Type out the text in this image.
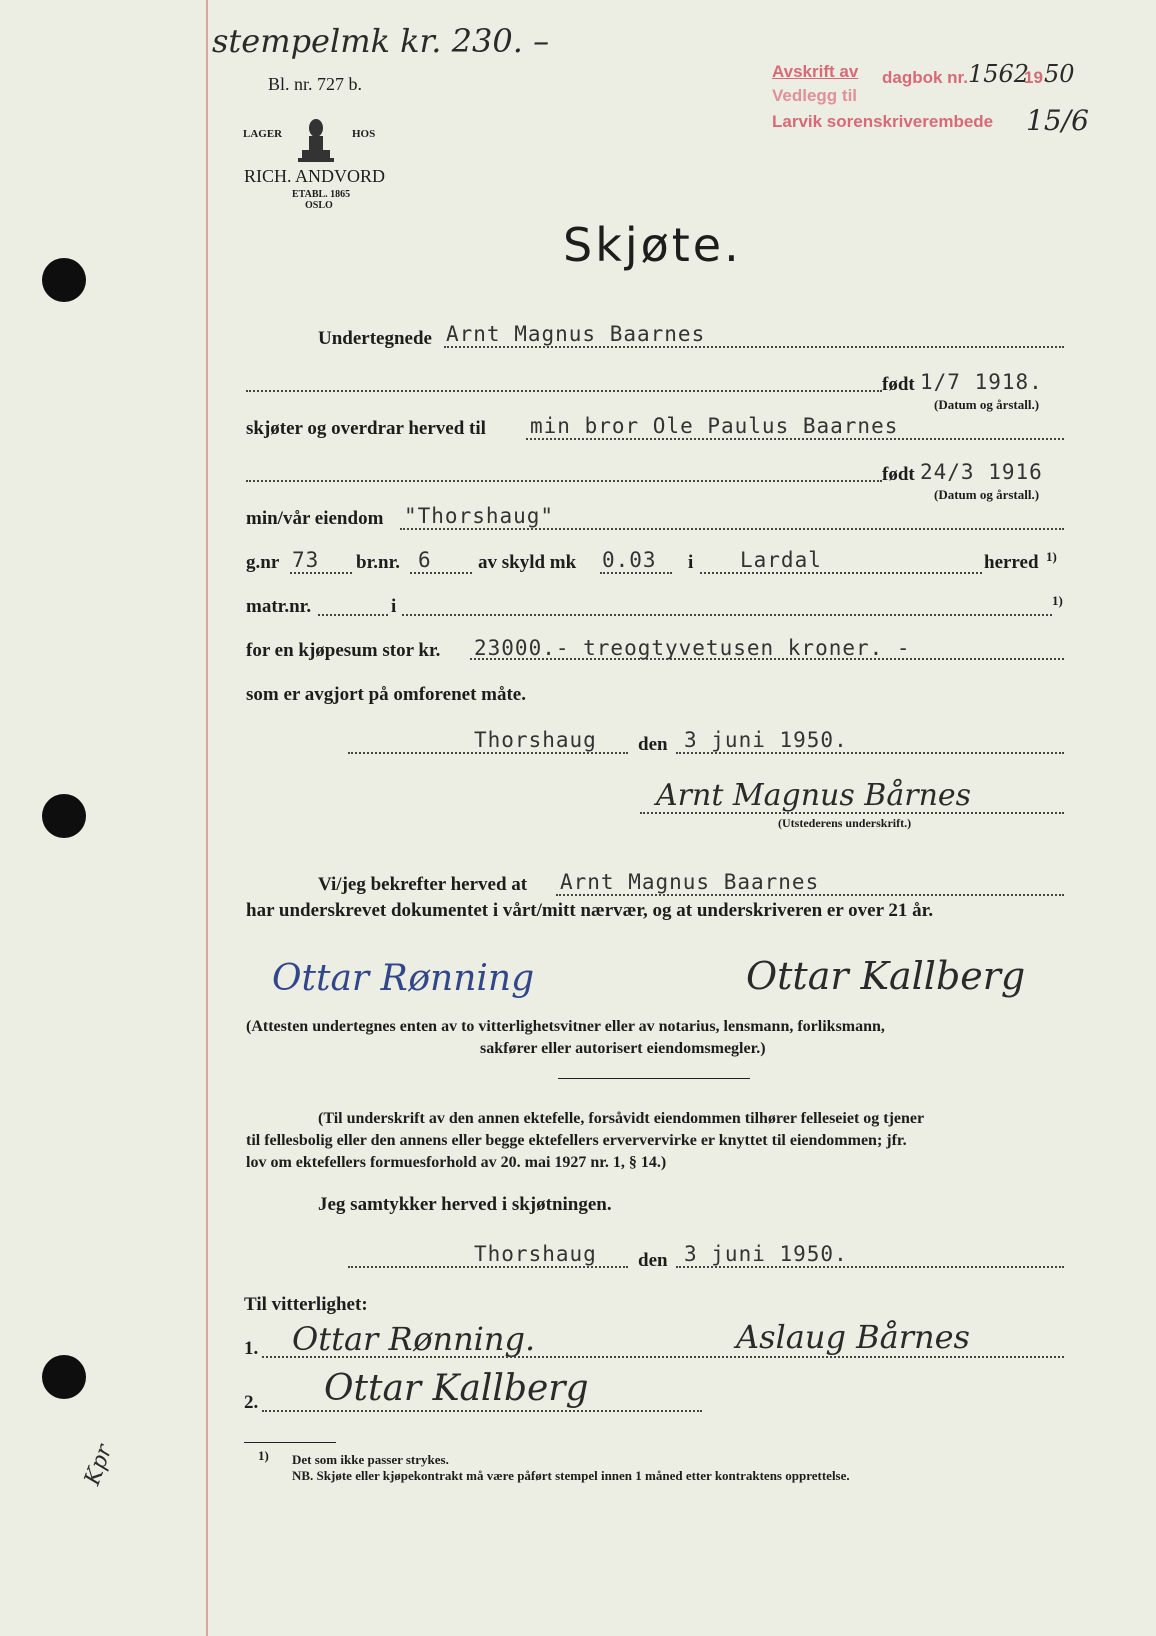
stempelmk kr. 230. –
Bl. nr. 727 b.
LAGER	HOS
RICH. ANDVORD
ETABL. 1865
OSLO
Avskrift av dagbok nr. 1562
19 50
Vedlegg til
Larvik sorenskriverembede 15/6
Skjøte.
Undertegnede Arnt Magnus Baarnes
født 1/7 1918.
(Datum og årstall.)
skjøter og overdrar herved til min bror Ole Paulus Baarnes
født 24/3 1916
(Datum og årstall.)
min/vår eiendom "Thorshaug"
g.nr 73 br.nr. 6 av skyld mk 0.03 i Lardal	herred 1)
matr.nr.	i	1)
for en kjøpesum stor kr. 23000.- treogtyvetusen kroner. -
som er avgjort på omforenet måte.
Thorshaug den 3 juni 1950.
Arnt Magnus Bårnes
(Utstederens underskrift.)
Vi/jeg bekrefter herved at Arnt Magnus Baarnes
har underskrevet dokumentet i vårt/mitt nærvær, og at underskriveren er over 21 år.
Ottar Rønning	Ottar Kallberg
(Attesten undertegnes enten av to vitterlighetsvitner eller av notarius, lensmann, forliksmann,
sakfører eller autorisert eiendomsmegler.)
(Til underskrift av den annen ektefelle, forsåvidt eiendommen tilhører felleseiet og tjener
til fellesbolig eller den annens eller begge ektefellers erververvirke er knyttet til eiendommen; jfr.
lov om ektefellers formuesforhold av 20. mai 1927 nr. 1, § 14.)
Jeg samtykker herved i skjøtningen.
Thorshaug den 3 juni 1950.
Til vitterlighet:
1. Ottar Rønning.	Aslaug Bårnes
2. Ottar Kallberg
1) Det som ikke passer strykes.
NB. Skjøte eller kjøpekontrakt må være påført stempel innen 1 måned etter kontraktens opprettelse.
Kpr
